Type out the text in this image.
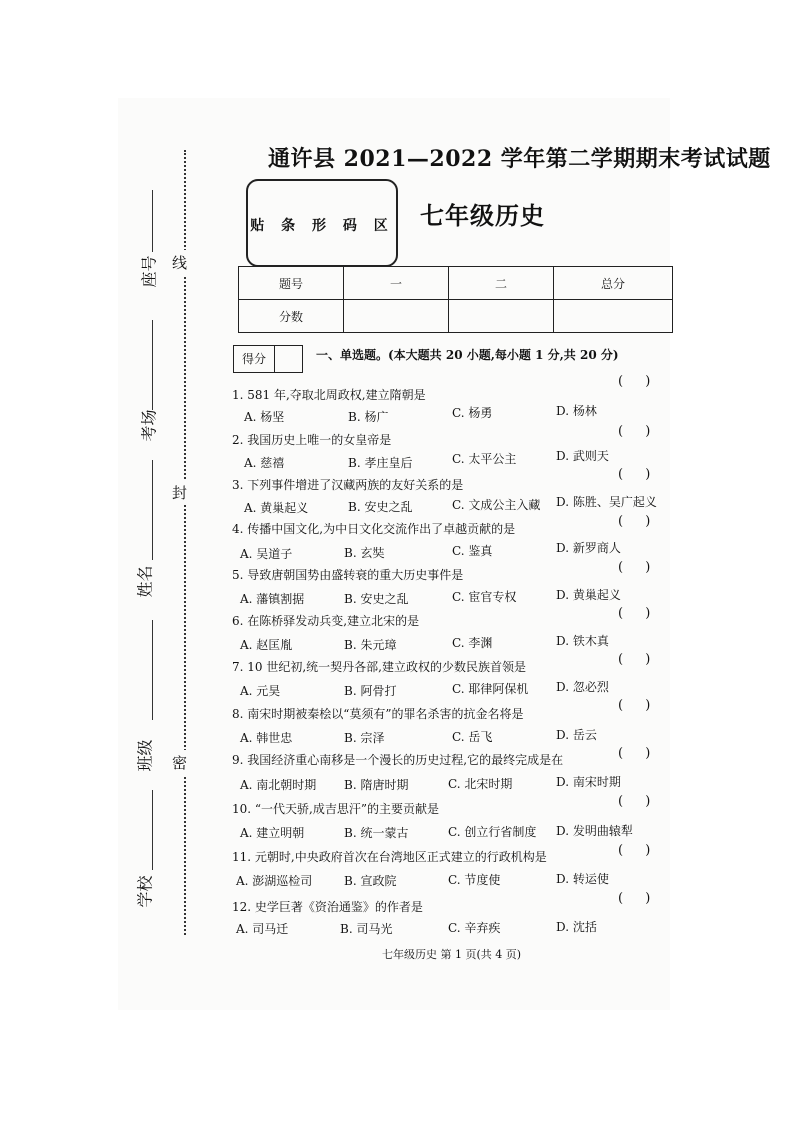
座号
考场
姓名
班级
学校
线
封
密
通许县 2021—2022 学年第二学期期末考试试题
贴 条 形 码 区 七年级历史
题号	一	二	总分
分数			
得分	一、单选题。(本大题共 20 小题,每小题 1 分,共 20 分)
1. 581 年,夺取北周政权,建立隋朝是
( )
A. 杨坚	B. 杨广	C. 杨勇	D. 杨林
2. 我国历史上唯一的女皇帝是
( )
A. 慈禧	B. 孝庄皇后	C. 太平公主	D. 武则天
3. 下列事件增进了汉藏两族的友好关系的是
( )
A. 黄巢起义	B. 安史之乱	C. 文成公主入藏 D. 陈胜、吴广起义
4. 传播中国文化,为中日文化交流作出了卓越贡献的是	( )
A. 吴道子	B. 玄奘	C. 鉴真	D. 新罗商人
5. 导致唐朝国势由盛转衰的重大历史事件是	( )
A. 藩镇割据	B. 安史之乱	C. 宦官专权	D. 黄巢起义
6. 在陈桥驿发动兵变,建立北宋的是	( )
A. 赵匡胤	B. 朱元璋	C. 李渊	D. 铁木真
7. 10 世纪初,统一契丹各部,建立政权的少数民族首领是	( )
A. 元昊	B. 阿骨打	C. 耶律阿保机 D. 忽必烈
8. 南宋时期被秦桧以“莫须有”的罪名杀害的抗金名将是
( )
A. 韩世忠	B. 宗泽	C. 岳飞	D. 岳云
9. 我国经济重心南移是一个漫长的历史过程,它的最终完成是在	( )
A. 南北朝时期 B. 隋唐时期	C. 北宋时期	D. 南宋时期
10. “一代天骄,成吉思汗”的主要贡献是	( )
A. 建立明朝	B. 统一蒙古	C. 创立行省制度 D. 发明曲辕犁
11. 元朝时,中央政府首次在台湾地区正式建立的行政机构是	( )
A. 澎湖巡检司	B. 宣政院	C. 节度使	D. 转运使
12. 史学巨著《资治通鉴》的作者是
( )
A. 司马迁	B. 司马光	C. 辛弃疾	D. 沈括
七年级历史 第 1 页(共 4 页)
